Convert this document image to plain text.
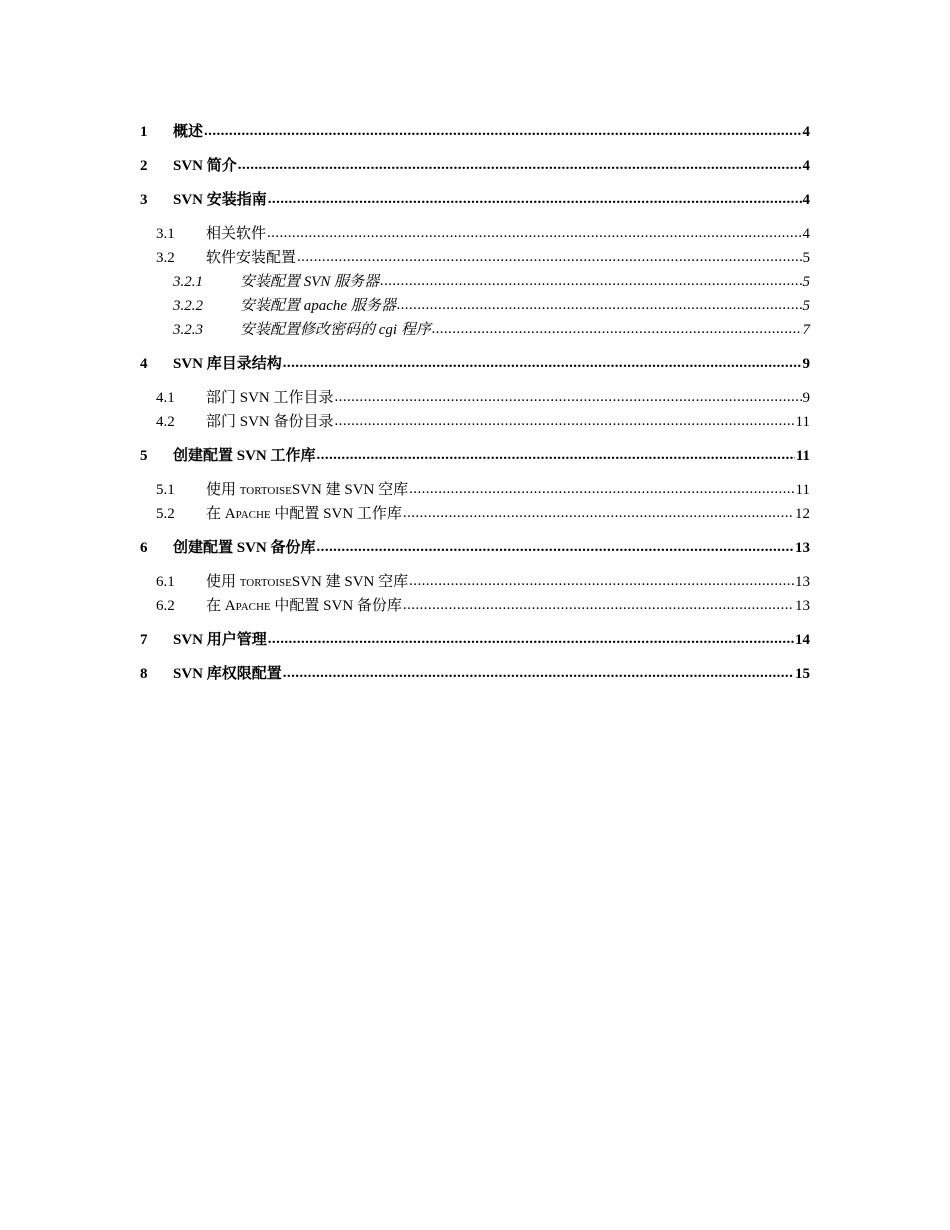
1	概述 .....	4
2	SVN 简介 .....	4
3	SVN 安装指南 .....	4
3.1	相关软件 .....	4
3.2	软件安装配置 .....	5
3.2.1	安装配置 SVN 服务器 .....	5
3.2.2	安装配置 apache 服务器 .....	5
3.2.3	安装配置修改密码的 cgi 程序 .....	7
4	SVN 库目录结构 .....	9
4.1	部门 SVN 工作目录 .....	9
4.2	部门 SVN 备份目录 .....	11
5	创建配置 SVN 工作库 .....	11
5.1	使用 tortoiseSVN 建 SVN 空库 .....	11
5.2	在 Apache 中配置 SVN 工作库 .....	12
6	创建配置 SVN 备份库 .....	13
6.1	使用 tortoiseSVN 建 SVN 空库 .....	13
6.2	在 Apache 中配置 SVN 备份库 .....	13
7	SVN 用户管理 .....	14
8	SVN 库权限配置 .....	15
